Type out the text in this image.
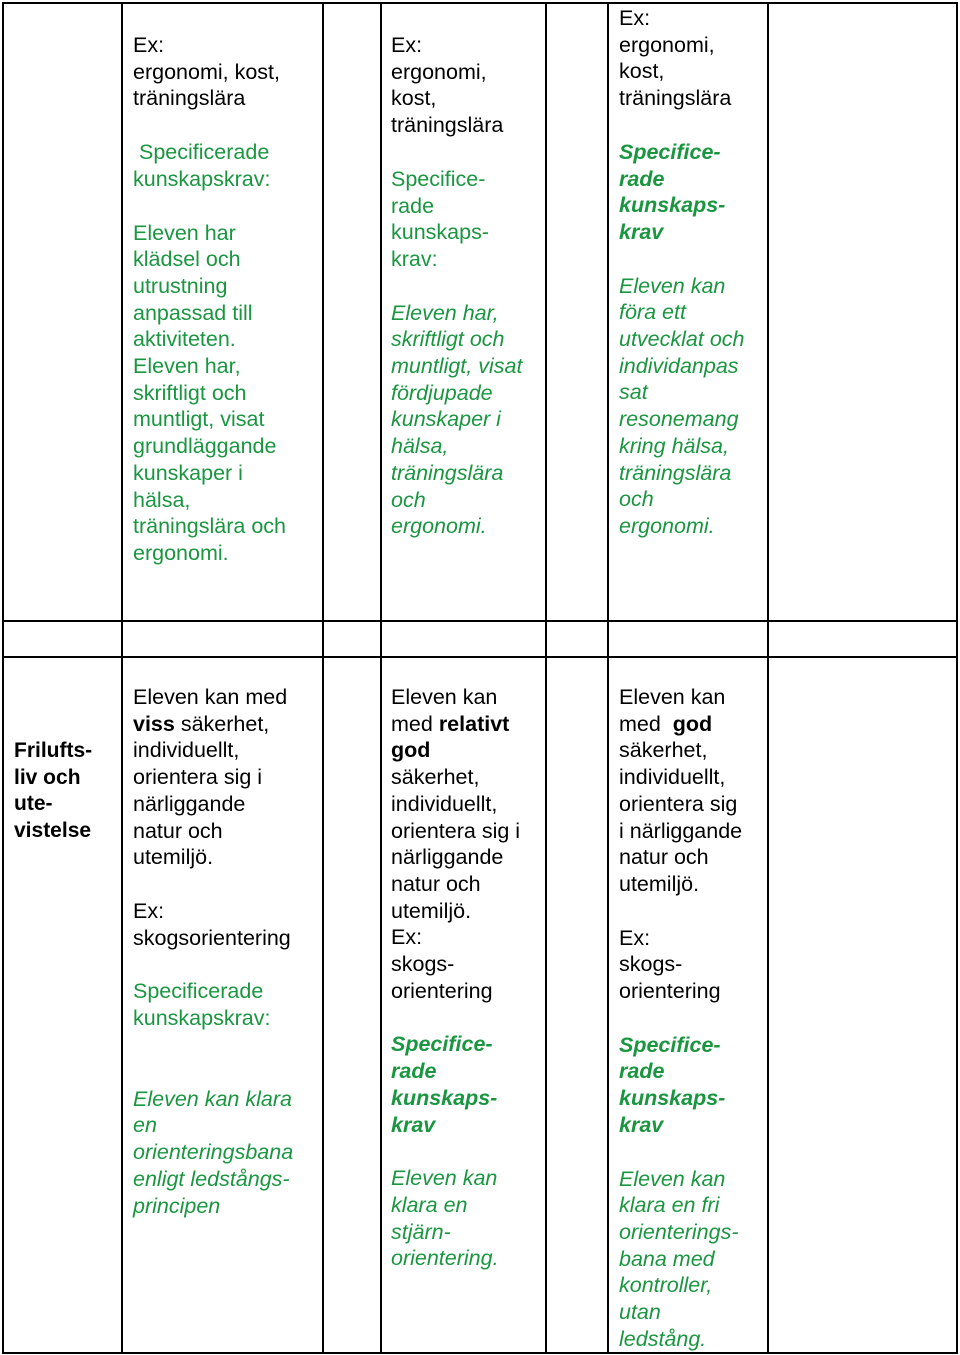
Ex:
ergonomi, kost,
träningslära
Specificerade
kunskapskrav:
Eleven har
klädsel och
utrustning
anpassad till
aktiviteten.
Eleven har,
skriftligt och
muntligt, visat
grundläggande
kunskaper i
hälsa,
träningslära och
ergonomi.
Ex:
ergonomi,
kost,
träningslära
Specifice-
rade
kunskaps-
krav:
Eleven har,
skriftligt och
muntligt, visat
fördjupade
kunskaper i
hälsa,
träningslära
och
ergonomi.
Ex:
ergonomi,
kost,
träningslära
Specifice-
rade
kunskaps-
krav
Eleven kan
föra ett
utvecklat och
individanpas
sat
resonemang
kring hälsa,
träningslära
och
ergonomi.
Frilufts-
liv och
ute-
vistelse
Eleven kan med
viss säkerhet,
individuellt,
orientera sig i
närliggande
natur och
utemiljö.
Ex:
skogsorientering
Specificerade
kunskapskrav:
Eleven kan klara
en
orienteringsbana
enligt ledstångs-
principen
Eleven kan
med relativt
god
säkerhet,
individuellt,
orientera sig i
närliggande
natur och
utemiljö.
Ex:
skogs-
orientering
Specifice-
rade
kunskaps-
krav
Eleven kan
klara en
stjärn-
orientering.
Eleven kan
med  god
säkerhet,
individuellt,
orientera sig
i närliggande
natur och
utemiljö.
Ex:
skogs-
orientering
Specifice-
rade
kunskaps-
krav
Eleven kan
klara en fri
orienterings-
bana med
kontroller,
utan
ledstång.
